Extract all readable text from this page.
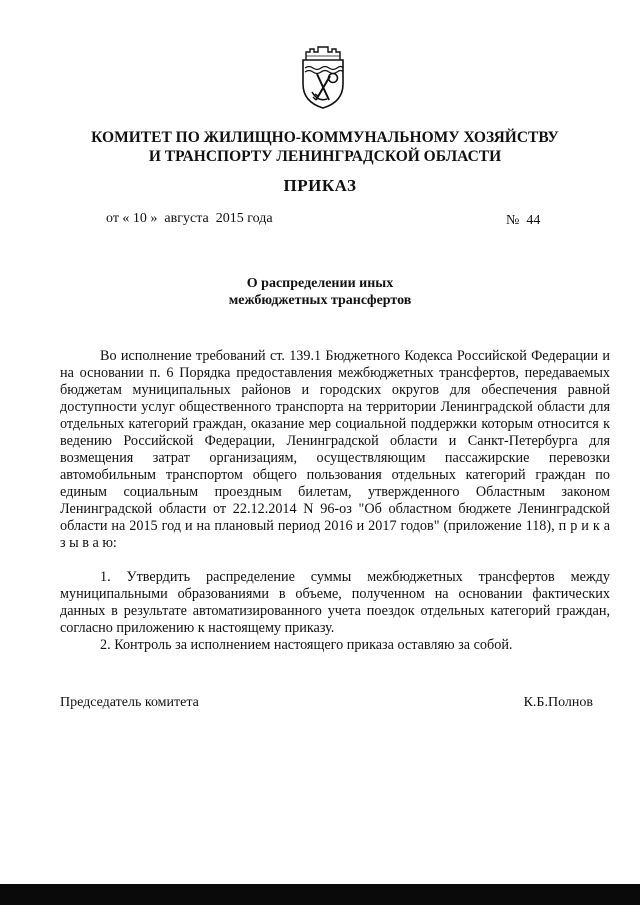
КОМИТЕТ ПО ЖИЛИЩНО-КОММУНАЛЬНОМУ ХОЗЯЙСТВУ
И ТРАНСПОРТУ ЛЕНИНГРАДСКОЙ ОБЛАСТИ
ПРИКАЗ
от « 10 »  августа  2015 года	№  44
О распределении иных
межбюджетных трансфертов

Во исполнение требований ст. 139.1 Бюджетного Кодекса Российской Федерации и на основании п. 6 Порядка предоставления межбюджетных трансфертов, передаваемых бюджетам муниципальных районов и городских округов для обеспечения равной доступности услуг общественного транспорта на территории Ленинградской области для отдельных категорий граждан, оказание мер социальной поддержки которым относится к ведению Российской Федерации, Ленинградской области и Санкт-Петербурга для возмещения затрат организациям, осуществляющим пассажирские перевозки автомобильным транспортом общего пользования отдельных категорий граждан по единым социальным проездным билетам, утвержденного Областным законом Ленинградской области от 22.12.2014 N 96-оз "Об областном бюджете Ленинградской области на 2015 год и на плановый период 2016 и 2017 годов" (приложение 118), п р и к а з ы в а ю:

1. Утвердить распределение суммы межбюджетных трансфертов между муниципальными образованиями в объеме, полученном на основании фактических данных в результате автоматизированного учета поездок отдельных категорий граждан, согласно приложению к настоящему приказу.

2. Контроль за исполнением настоящего приказа оставляю за собой.

Председатель комитета	К.Б.Полнов
